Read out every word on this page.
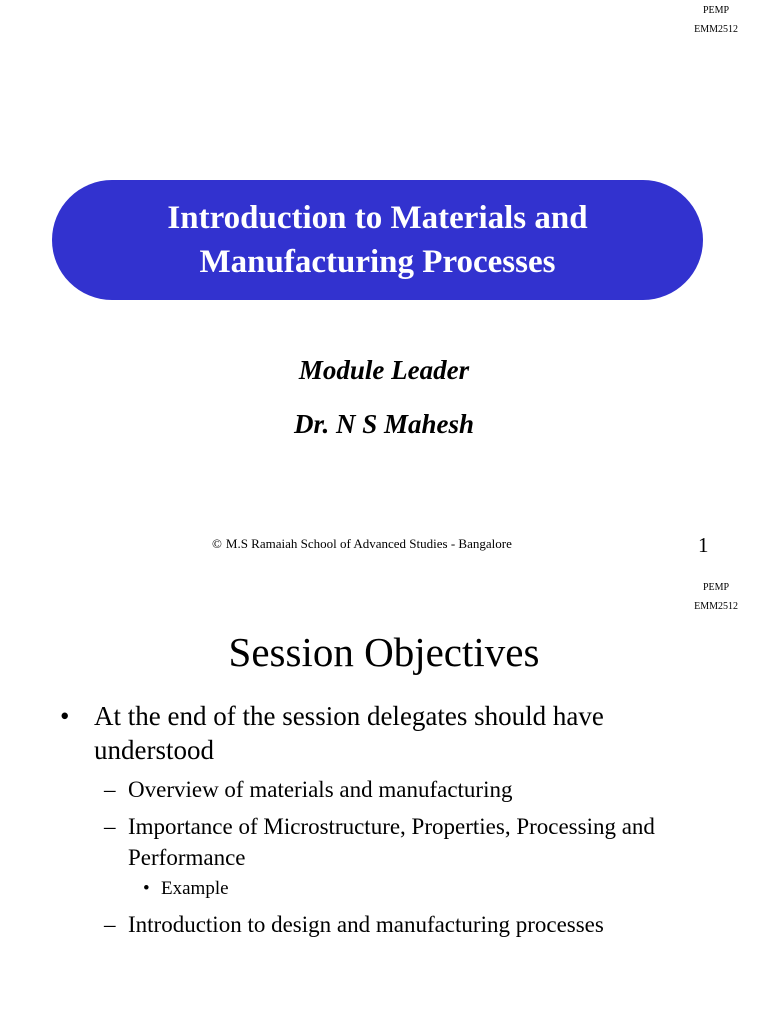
PEMP
EMM2512
Introduction to Materials and
Manufacturing Processes
Module Leader
Dr. N S Mahesh
© M.S Ramaiah School of Advanced Studies - Bangalore	1
PEMP
EMM2512
Session Objectives
• At the end of the session delegates should have understood
– Overview of materials and manufacturing
– Importance of Microstructure, Properties, Processing and Performance
• Example
– Introduction to design and manufacturing processes
